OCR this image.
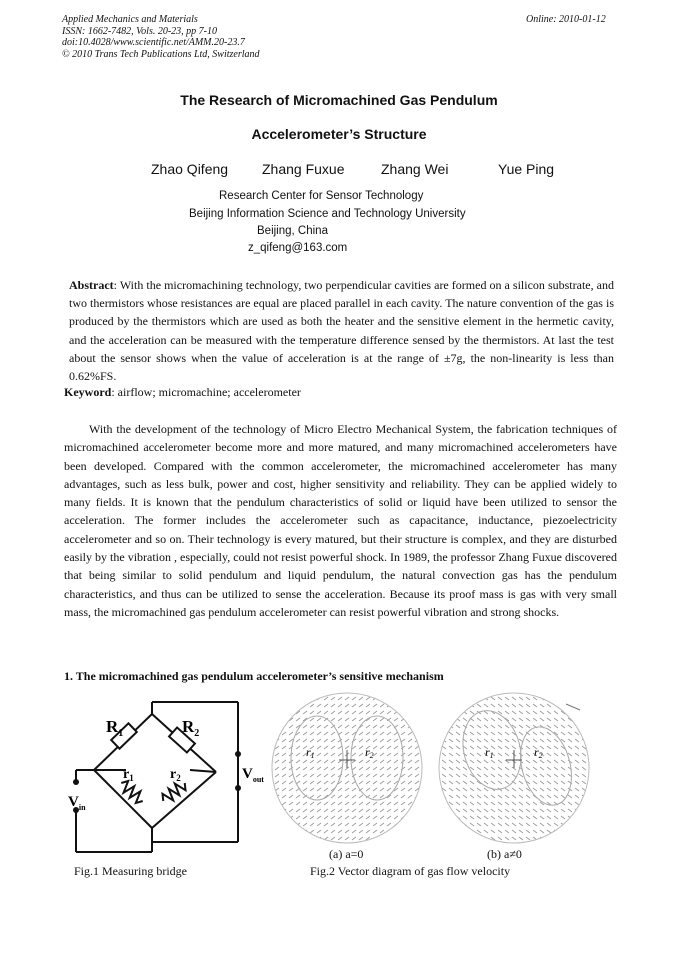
Applied Mechanics and Materials
ISSN: 1662-7482, Vols. 20-23, pp 7-10
doi:10.4028/www.scientific.net/AMM.20-23.7
© 2010 Trans Tech Publications Ltd, Switzerland
Online: 2010-01-12
The Research of Micromachined Gas Pendulum
Accelerometer’s Structure
Zhao Qifeng Zhang Fuxue	Zhang Wei	Yue Ping
Research Center for Sensor Technology
Beijing Information Science and Technology University
Beijing, China
z_qifeng@163.com
Abstract: With the micromachining technology, two perpendicular cavities are formed on a silicon substrate, and two thermistors whose resistances are equal are placed parallel in each cavity. The nature convention of the gas is produced by the thermistors which are used as both the heater and the sensitive element in the hermetic cavity, and the acceleration can be measured with the temperature difference sensed by the thermistors. At last the test about the sensor shows when the value of acceleration is at the range of ±7g, the non-linearity is less than 0.62%FS.
Keyword: airflow; micromachine; accelerometer
With the development of the technology of Micro Electro Mechanical System, the fabrication techniques of micromachined accelerometer become more and more matured, and many micromachined accelerometers have been developed. Compared with the common accelerometer, the micromachined accelerometer has many advantages, such as less bulk, power and cost, higher sensitivity and reliability. They can be applied widely to many fields. It is known that the pendulum characteristics of solid or liquid have been utilized to sensor the acceleration. The former includes the accelerometer such as capacitance, inductance, piezoelectricity accelerometer and so on. Their technology is every matured, but their structure is complex, and they are disturbed easily by the vibration , especially, could not resist powerful shock. In 1989, the professor Zhang Fuxue discovered that being similar to solid pendulum and liquid pendulum, the natural convection gas has the pendulum characteristics, and thus can be utilized to sense the acceleration. Because its proof mass is gas with very small mass, the micromachined gas pendulum accelerometer can resist powerful vibration and strong shocks.
1. The micromachined gas pendulum accelerometer’s sensitive mechanism
$R_1$	$R_2$
$r_1$	$r_2$	$V_{out}$
$V_{in}$
r1	r2	r1	r2
(a) a=0	(b) a≠0
Fig.1 Measuring bridge	Fig.2 Vector diagram of gas flow velocity
